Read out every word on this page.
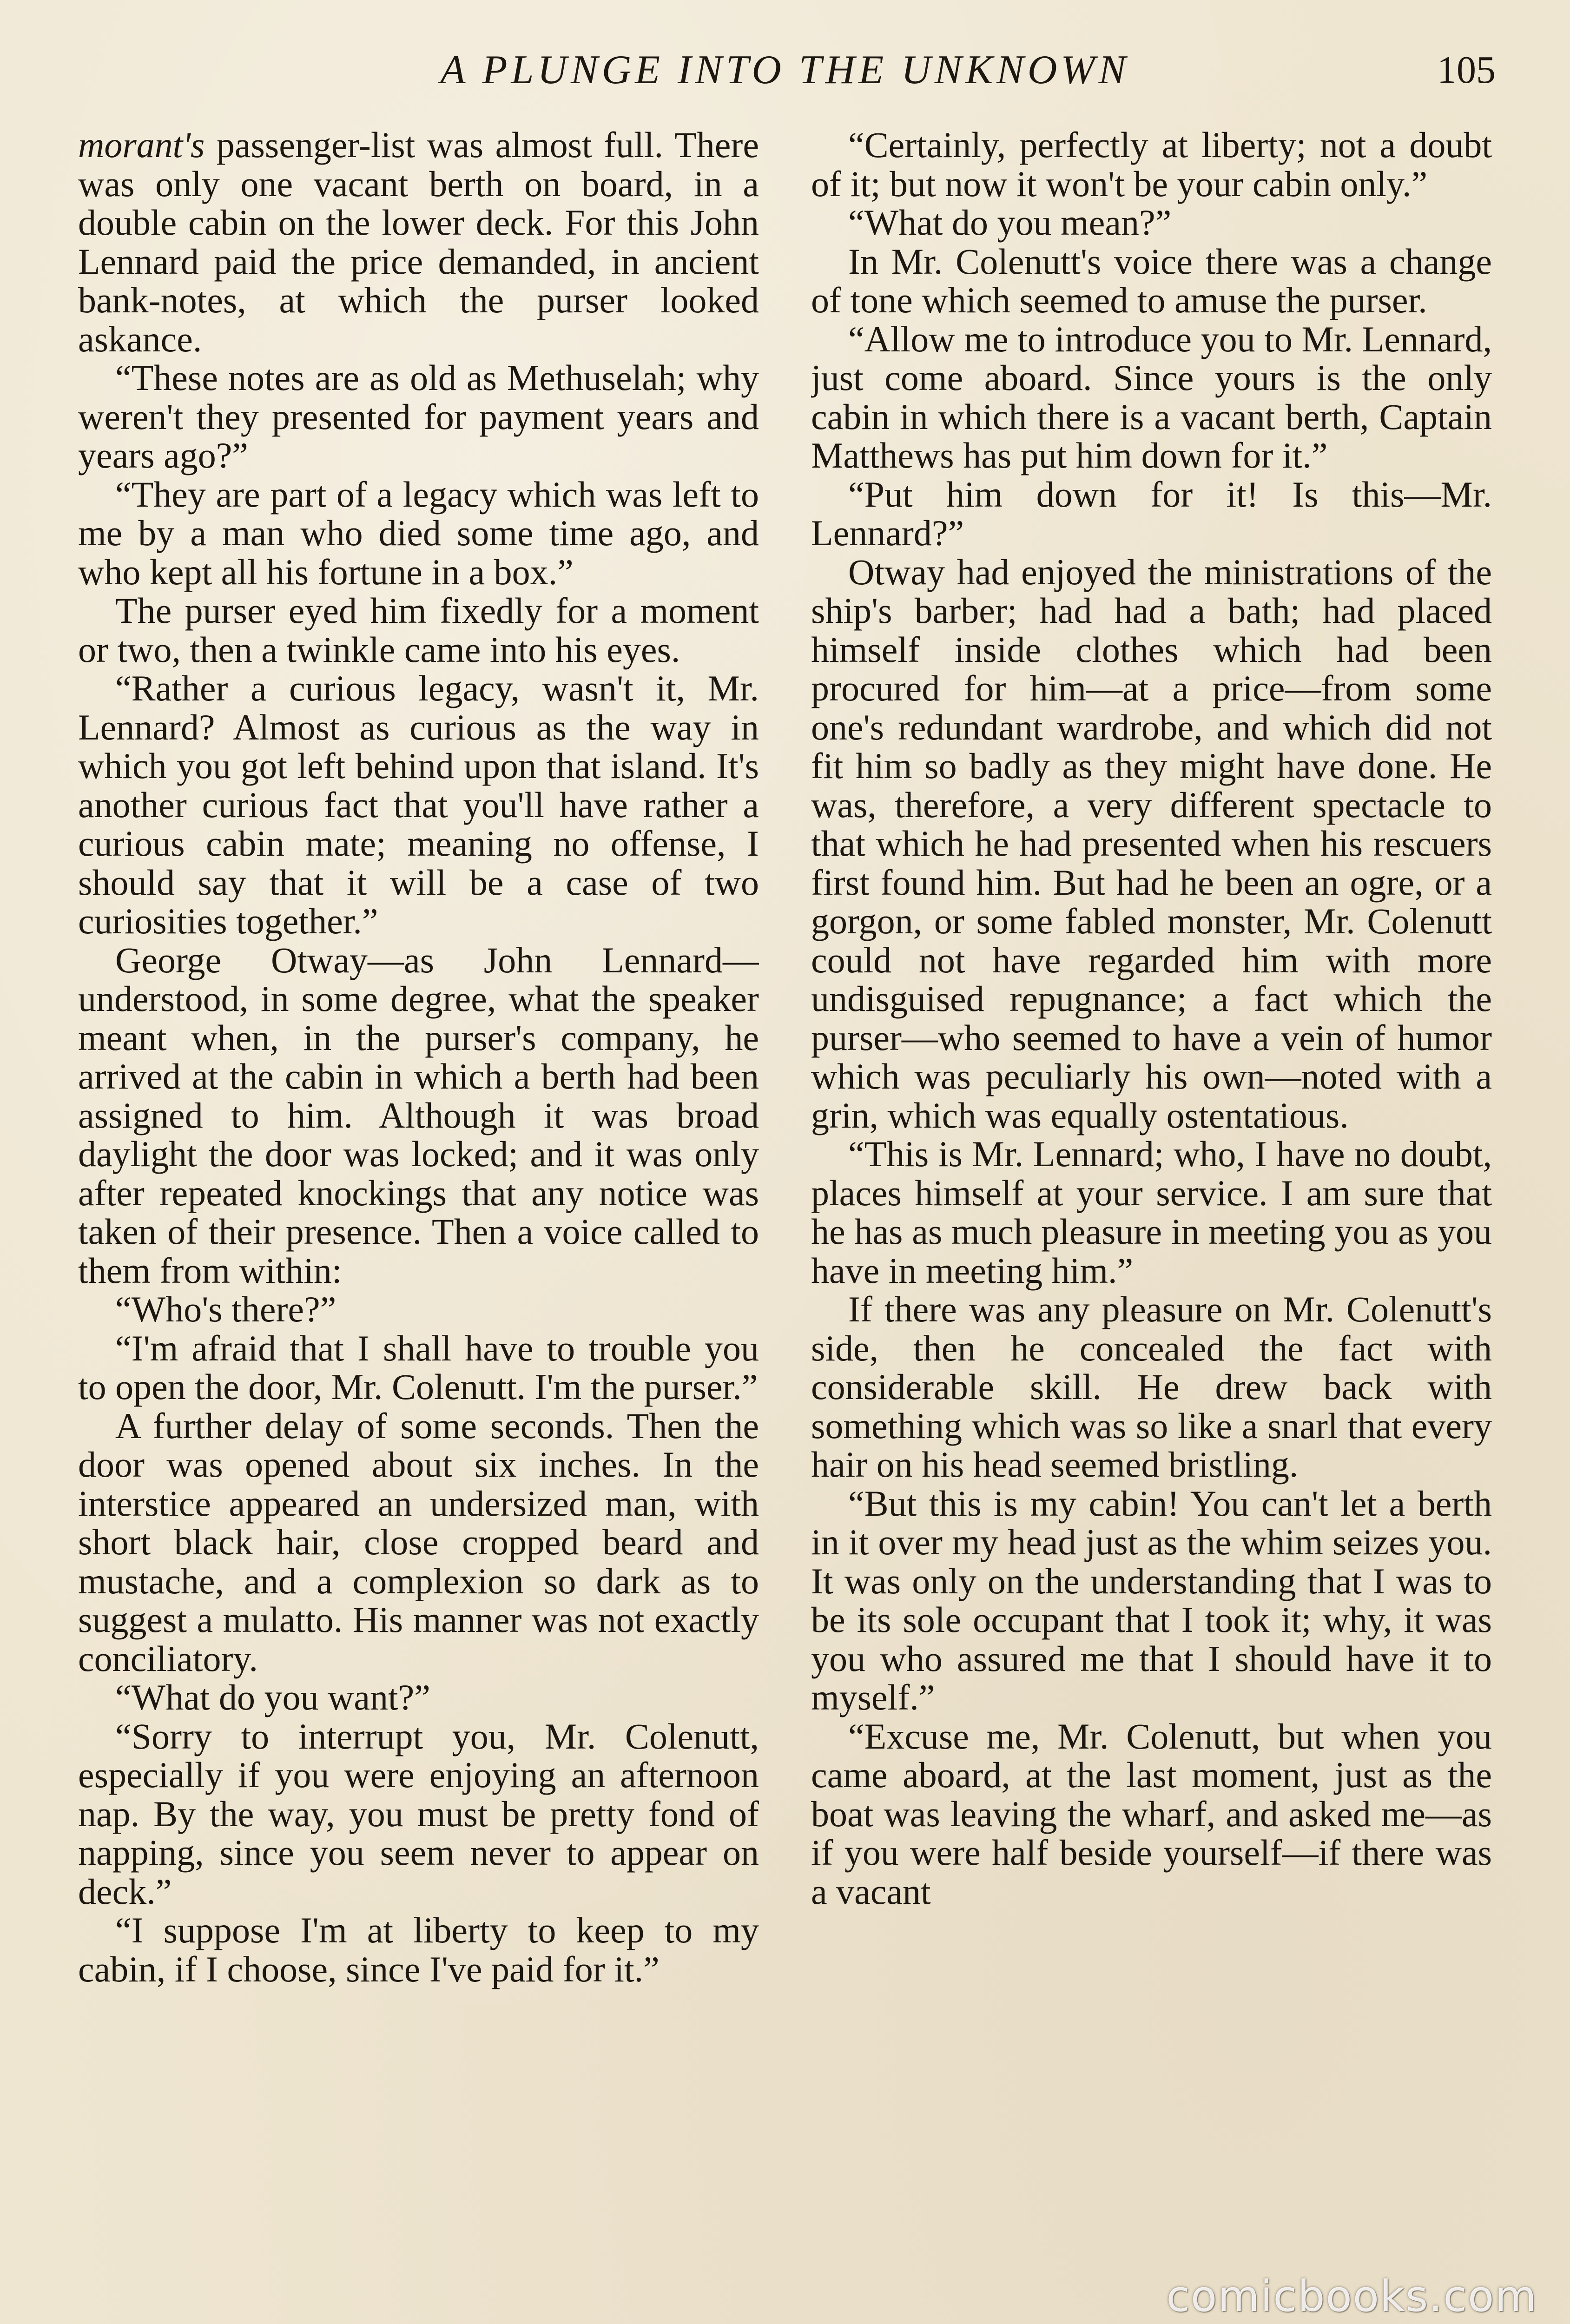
A PLUNGE INTO THE UNKNOWN	105

morant's passenger-list was almost full. There was only one vacant berth on board, in a double cabin on the lower deck. For this John Lennard paid the price demanded, in ancient bank-notes, at which the purser looked askance.

“These notes are as old as Methuselah; why weren't they presented for payment years and years ago?”

“They are part of a legacy which was left to me by a man who died some time ago, and who kept all his fortune in a box.”

The purser eyed him fixedly for a moment or two, then a twinkle came into his eyes.

“Rather a curious legacy, wasn't it, Mr. Lennard? Almost as curious as the way in which you got left behind upon that island. It's another curious fact that you'll have rather a curious cabin mate; meaning no offense, I should say that it will be a case of two curiosities together.”

George Otway—as John Lennard—understood, in some degree, what the speaker meant when, in the purser's company, he arrived at the cabin in which a berth had been assigned to him. Although it was broad daylight the door was locked; and it was only after repeated knockings that any notice was taken of their presence. Then a voice called to them from within:

“Who's there?”

“I'm afraid that I shall have to trouble you to open the door, Mr. Colenutt. I'm the purser.”

A further delay of some seconds. Then the door was opened about six inches. In the interstice appeared an undersized man, with short black hair, close cropped beard and mustache, and a complexion so dark as to suggest a mulatto. His manner was not exactly conciliatory.

“What do you want?”

“Sorry to interrupt you, Mr. Colenutt, especially if you were enjoying an afternoon nap. By the way, you must be pretty fond of napping, since you seem never to appear on deck.”

“I suppose I'm at liberty to keep to my cabin, if I choose, since I've paid for it.”

“Certainly, perfectly at liberty; not a doubt of it; but now it won't be your cabin only.”

“What do you mean?”

In Mr. Colenutt's voice there was a change of tone which seemed to amuse the purser.

“Allow me to introduce you to Mr. Lennard, just come aboard. Since yours is the only cabin in which there is a vacant berth, Captain Matthews has put him down for it.”

“Put him down for it! Is this—Mr. Lennard?”

Otway had enjoyed the ministrations of the ship's barber; had had a bath; had placed himself inside clothes which had been procured for him—at a price—from some one's redundant wardrobe, and which did not fit him so badly as they might have done. He was, therefore, a very different spectacle to that which he had presented when his rescuers first found him. But had he been an ogre, or a gorgon, or some fabled monster, Mr. Colenutt could not have regarded him with more undisguised repugnance; a fact which the purser—who seemed to have a vein of humor which was peculiarly his own—noted with a grin, which was equally ostentatious.

“This is Mr. Lennard; who, I have no doubt, places himself at your service. I am sure that he has as much pleasure in meeting you as you have in meeting him.”

If there was any pleasure on Mr. Colenutt's side, then he concealed the fact with considerable skill. He drew back with something which was so like a snarl that every hair on his head seemed bristling.

“But this is my cabin! You can't let a berth in it over my head just as the whim seizes you. It was only on the understanding that I was to be its sole occupant that I took it; why, it was you who assured me that I should have it to myself.”

“Excuse me, Mr. Colenutt, but when you came aboard, at the last moment, just as the boat was leaving the wharf, and asked me—as if you were half beside yourself—if there was a vacant

comicbooks.com
